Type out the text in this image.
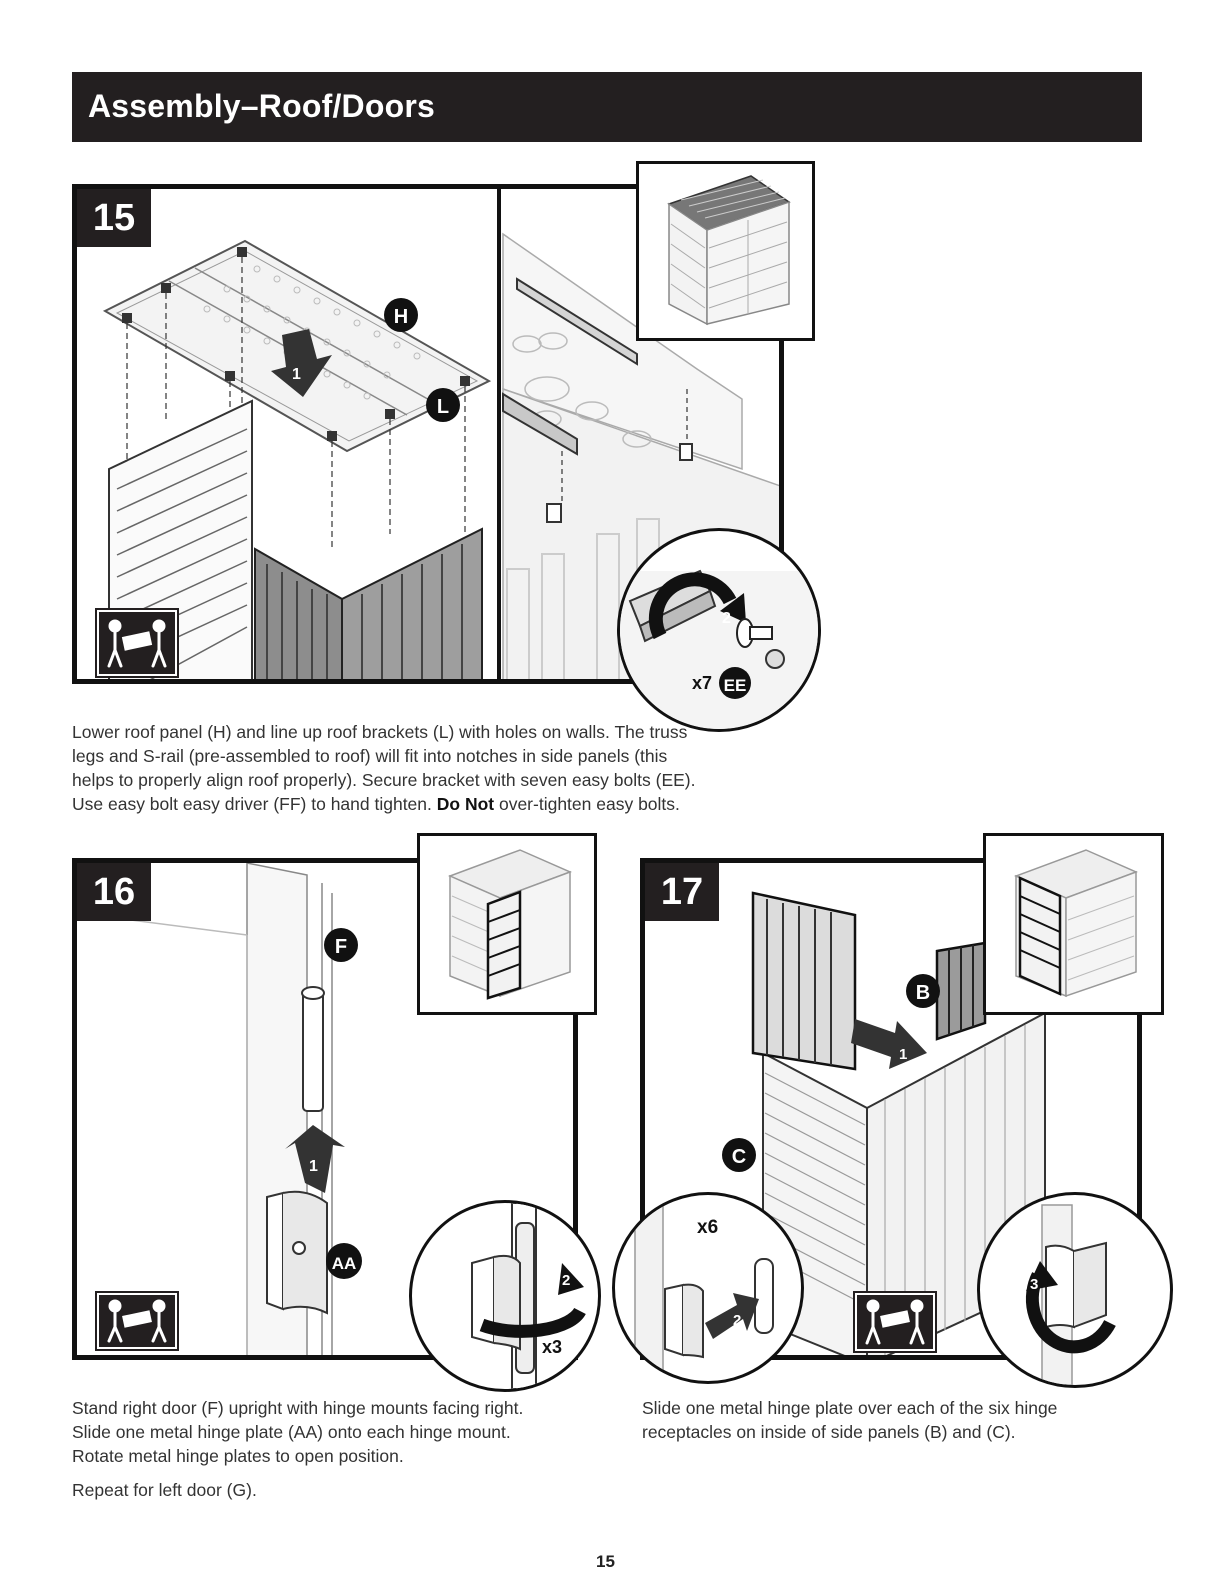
Assembly–Roof/Doors
H
L
1
15
2
x7 EE

Lower roof panel (H) and line up roof brackets (L) with holes on walls. The truss

legs and S-rail (pre-assembled to roof) will fit into notches in side panels (this

helps to properly align roof properly). Secure bracket with seven easy bolts (EE).

Use easy bolt easy driver (FF) to hand tighten. Do Not over-tighten easy bolts.

1
F
AA
16
2
x3

Stand right door (F) upright with hinge mounts facing right.

Slide one metal hinge plate (AA) onto each hinge mount.

Rotate metal hinge plates to open position.

Repeat for left door (G).

1
B
C
17
2
x6
3

Slide one metal hinge plate over each of the six hinge

receptacles on inside of side panels (B) and (C).

15
